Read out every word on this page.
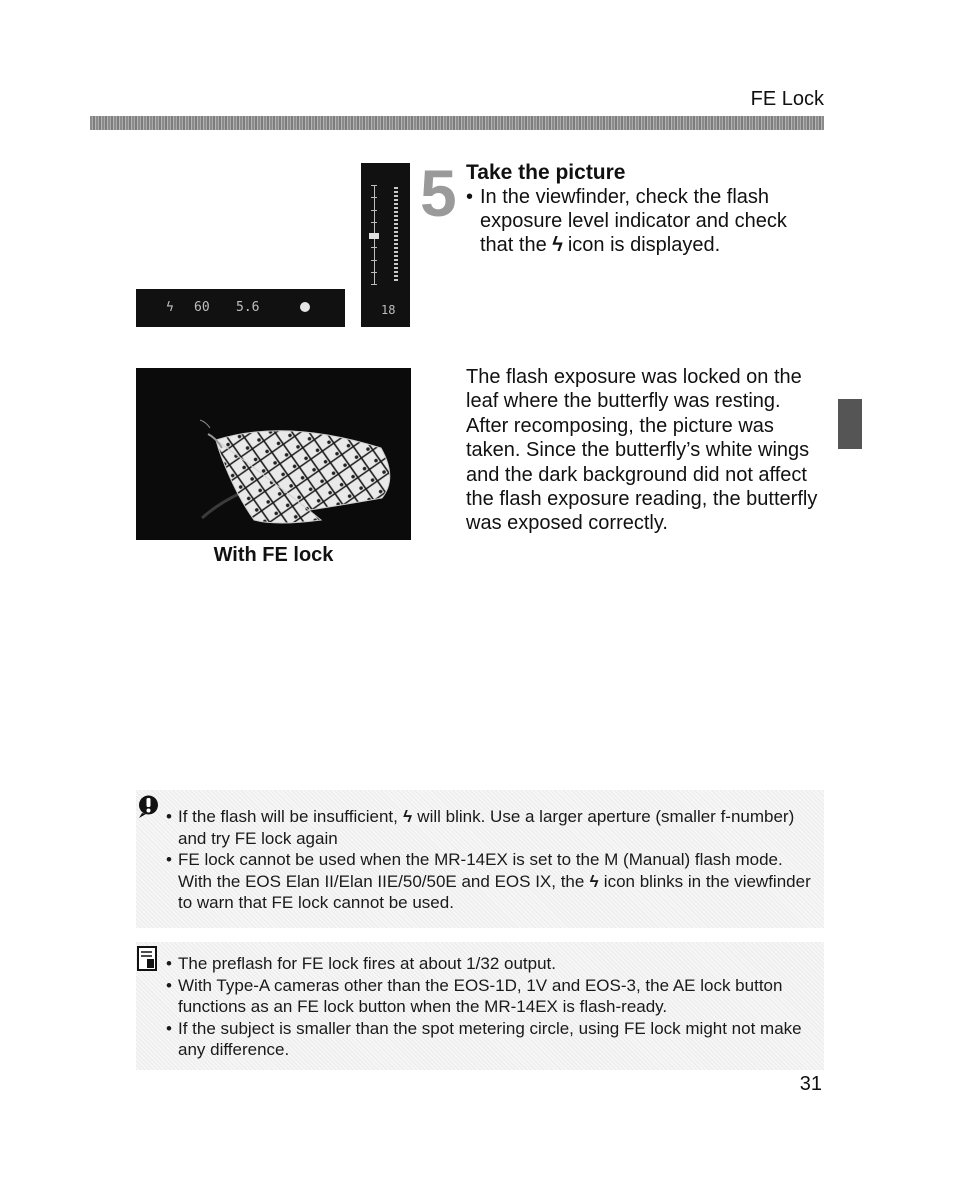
FE Lock
ϟ 60 5.6	18
5 Take the picture
• In the viewfinder, check the flash exposure level indicator and check that the ϟ icon is displayed.
With FE lock
The flash exposure was locked on the leaf where the butterfly was resting. After recomposing, the picture was taken. Since the butterfly’s white wings and the dark background did not affect the flash exposure reading, the butterfly was exposed correctly.
• If the flash will be insufficient, ϟ will blink. Use a larger aperture (smaller f-number) and try FE lock again
• FE lock cannot be used when the MR-14EX is set to the M (Manual) flash mode. With the EOS Elan II/Elan IIE/50/50E and EOS IX, the ϟ icon blinks in the viewfinder to warn that FE lock cannot be used.
• The preflash for FE lock fires at about 1/32 output.
• With Type-A cameras other than the EOS-1D, 1V and EOS-3, the AE lock button functions as an FE lock button when the MR-14EX is flash-ready.
• If the subject is smaller than the spot metering circle, using FE lock might not make any difference.
31
